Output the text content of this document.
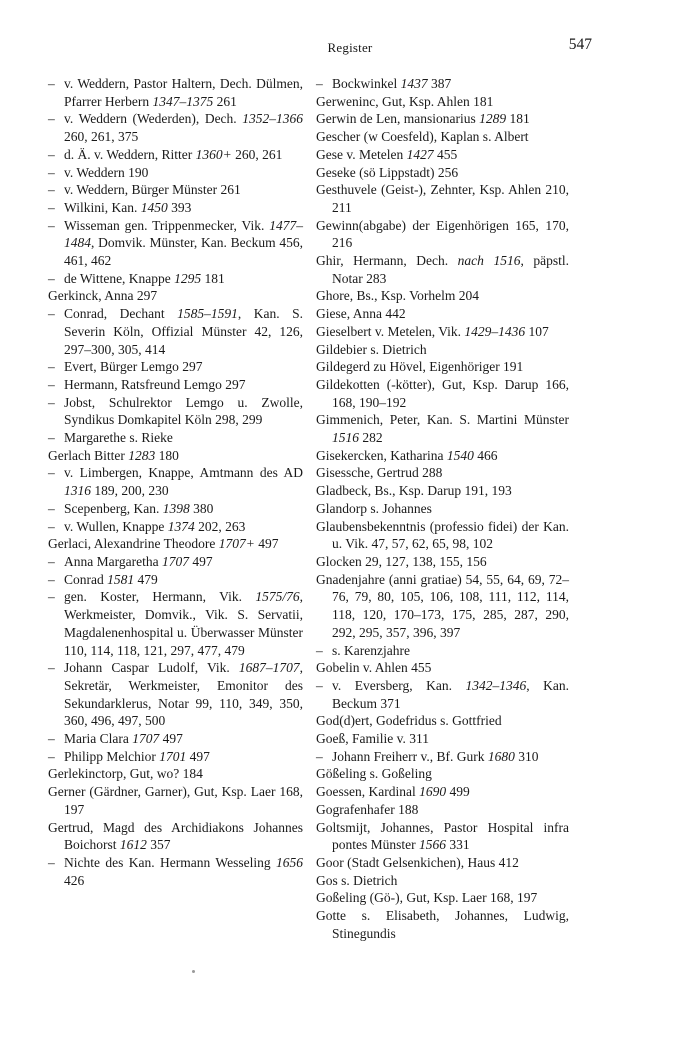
Register	547
– v. Weddern, Pastor Haltern, Dech. Dülmen, Pfarrer Herbern 1347–1375 261
– v. Weddern (Wederden), Dech. 1352–1366 260, 261, 375
– d. Ä. v. Weddern, Ritter 1360+ 260, 261
– v. Weddern 190
– v. Weddern, Bürger Münster 261
– Wilkini, Kan. 1450 393
– Wisseman gen. Trippenmecker, Vik. 1477–1484, Domvik. Münster, Kan. Beckum 456, 461, 462
– de Wittene, Knappe 1295 181
Gerkinck, Anna 297
– Conrad, Dechant 1585–1591, Kan. S. Severin Köln, Offizial Münster 42, 126, 297–300, 305, 414
– Evert, Bürger Lemgo 297
– Hermann, Ratsfreund Lemgo 297
– Jobst, Schulrektor Lemgo u. Zwolle, Syndikus Domkapitel Köln 298, 299
– Margarethe s. Rieke
Gerlach Bitter 1283 180
– v. Limbergen, Knappe, Amtmann des AD 1316 189, 200, 230
– Scepenberg, Kan. 1398 380
– v. Wullen, Knappe 1374 202, 263
Gerlaci, Alexandrine Theodore 1707+ 497
– Anna Margaretha 1707 497
– Conrad 1581 479
– gen. Koster, Hermann, Vik. 1575/76, Werkmeister, Domvik., Vik. S. Servatii, Magdalenenhospital u. Überwasser Münster 110, 114, 118, 121, 297, 477, 479
– Johann Caspar Ludolf, Vik. 1687–1707, Sekretär, Werkmeister, Emonitor des Sekundarklerus, Notar 99, 110, 349, 350, 360, 496, 497, 500
– Maria Clara 1707 497
– Philipp Melchior 1701 497
Gerlekinctorp, Gut, wo? 184
Gerner (Gärdner, Garner), Gut, Ksp. Laer 168, 197
Gertrud, Magd des Archidiakons Johannes Boichorst 1612 357
– Nichte des Kan. Hermann Wesseling 1656 426
– Bockwinkel 1437 387
Gerweninc, Gut, Ksp. Ahlen 181
Gerwin de Len, mansionarius 1289 181
Gescher (w Coesfeld), Kaplan s. Albert
Gese v. Metelen 1427 455
Geseke (sö Lippstadt) 256
Gesthuvele (Geist-), Zehnter, Ksp. Ahlen 210, 211
Gewinn(abgabe) der Eigenhörigen 165, 170, 216
Ghir, Hermann, Dech. nach 1516, päpstl. Notar 283
Ghore, Bs., Ksp. Vorhelm 204
Giese, Anna 442
Gieselbert v. Metelen, Vik. 1429–1436 107
Gildebier s. Dietrich
Gildegerd zu Hövel, Eigenhöriger 191
Gildekotten (-kötter), Gut, Ksp. Darup 166, 168, 190–192
Gimmenich, Peter, Kan. S. Martini Münster 1516 282
Gisekercken, Katharina 1540 466
Gisessche, Gertrud 288
Gladbeck, Bs., Ksp. Darup 191, 193
Glandorp s. Johannes
Glaubensbekenntnis (professio fidei) der Kan. u. Vik. 47, 57, 62, 65, 98, 102
Glocken 29, 127, 138, 155, 156
Gnadenjahre (anni gratiae) 54, 55, 64, 69, 72–76, 79, 80, 105, 106, 108, 111, 112, 114, 118, 120, 170–173, 175, 285, 287, 290, 292, 295, 357, 396, 397
– s. Karenzjahre
Gobelin v. Ahlen 455
– v. Eversberg, Kan. 1342–1346, Kan. Beckum 371
God(d)ert, Godefridus s. Gottfried
Goeß, Familie v. 311
– Johann Freiherr v., Bf. Gurk 1680 310
Gößeling s. Goßeling
Goessen, Kardinal 1690 499
Gografenhafer 188
Goltsmijt, Johannes, Pastor Hospital infra pontes Münster 1566 331
Goor (Stadt Gelsenkichen), Haus 412
Gos s. Dietrich
Goßeling (Gö-), Gut, Ksp. Laer 168, 197
Gotte s. Elisabeth, Johannes, Ludwig, Stinegundis
